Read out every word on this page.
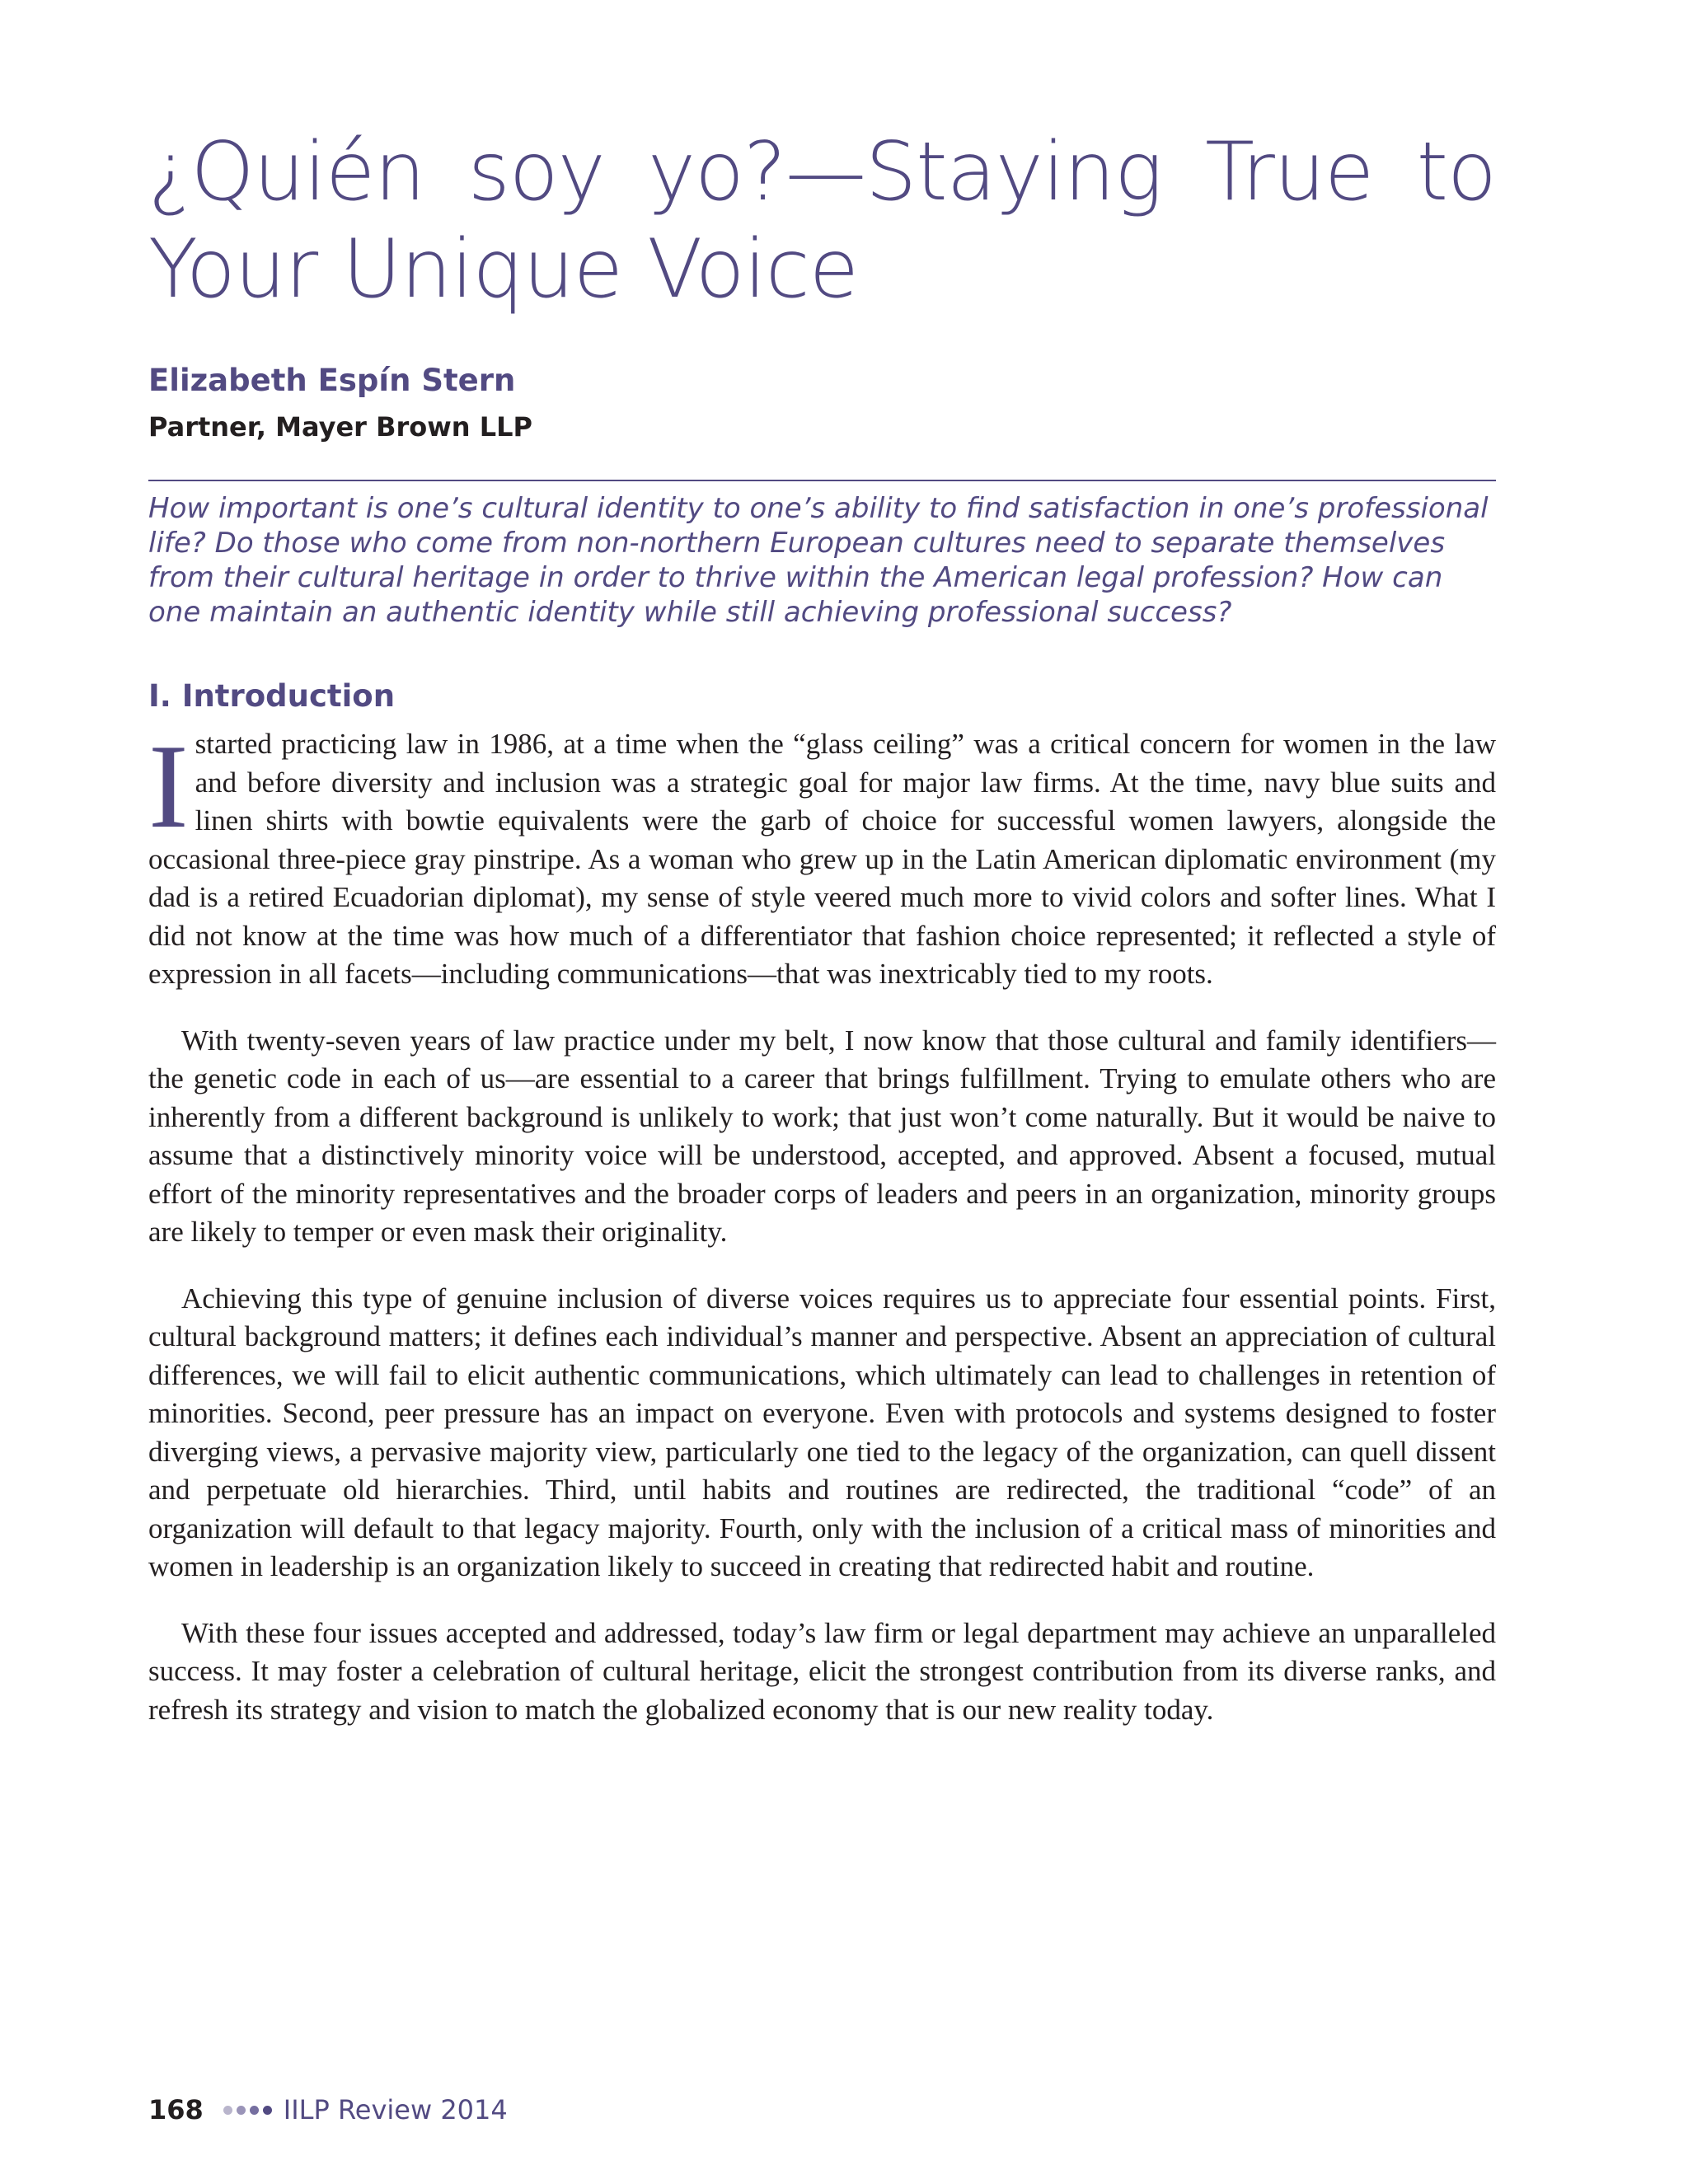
¿Quién soy yo?—Staying True to Your Unique Voice
Elizabeth Espín Stern
Partner, Mayer Brown LLP
How important is one’s cultural identity to one’s ability to find satisfaction in one’s professional life? Do those who come from non-northern European cultures need to separate themselves from their cultural heritage in order to thrive within the American legal profession? How can one maintain an authentic identity while still achieving professional success?
I. Introduction

Istarted practicing law in 1986, at a time when the “glass ceiling” was a critical concern for women in the law and before diversity and inclusion was a strategic goal for major law firms. At the time, navy blue suits and linen shirts with bowtie equivalents were the garb of choice for successful women lawyers, alongside the occasional three-piece gray pinstripe. As a woman who grew up in the Latin American diplomatic environment (my dad is a retired Ecuadorian diplomat), my sense of style veered much more to vivid colors and softer lines. What I did not know at the time was how much of a differentiator that fashion choice represented; it reflected a style of expression in all facets—including communications—that was inextricably tied to my roots.

With twenty-seven years of law practice under my belt, I now know that those cultural and family identifiers—the genetic code in each of us—are essential to a career that brings fulfillment. Trying to emulate others who are inherently from a different background is unlikely to work; that just won’t come naturally. But it would be naive to assume that a distinctively minority voice will be understood, accepted, and approved. Absent a focused, mutual effort of the minority representatives and the broader corps of leaders and peers in an organization, minority groups are likely to temper or even mask their originality.

Achieving this type of genuine inclusion of diverse voices requires us to appreciate four essential points. First, cultural background matters; it defines each individual’s manner and perspective. Absent an appreciation of cultural differences, we will fail to elicit authentic communications, which ultimately can lead to challenges in retention of minorities. Second, peer pressure has an impact on everyone. Even with protocols and systems designed to foster diverging views, a pervasive majority view, particularly one tied to the legacy of the organization, can quell dissent and perpetuate old hierarchies. Third, until habits and routines are redirected, the traditional “code” of an organization will default to that legacy majority. Fourth, only with the inclusion of a critical mass of minorities and women in leadership is an organization likely to succeed in creating that redirected habit and routine.

With these four issues accepted and addressed, today’s law firm or legal department may achieve an unparalleled success. It may foster a celebration of cultural heritage, elicit the strongest contribution from its diverse ranks, and refresh its strategy and vision to match the globalized economy that is our new reality today.

168	IILP Review 2014
